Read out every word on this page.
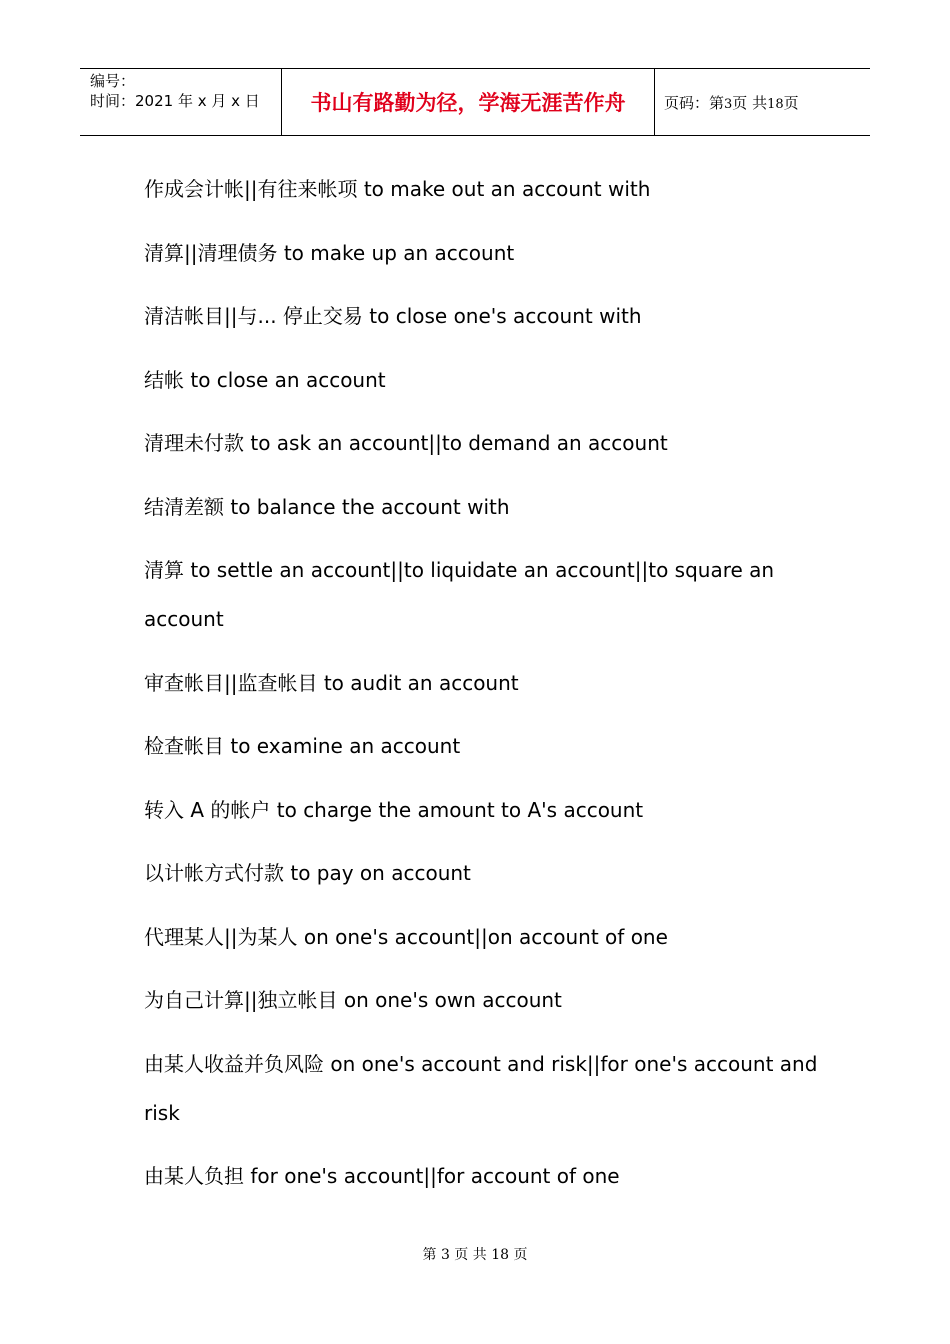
编号：
时间：2021 年 x 月 x 日	书山有路勤为径，学海无涯苦作舟	页码：第3页 共18页
作成会计帐||有往来帐项 to make out an account with
清算||清理债务 to make up an account
清洁帐目||与... 停止交易 to close one's account with
结帐 to close an account
清理未付款 to ask an account||to demand an account
结清差额 to balance the account with
清算 to settle an account||to liquidate an account||to square an account
审查帐目||监查帐目 to audit an account
检查帐目 to examine an account
转入 A 的帐户 to charge the amount to A's account
以计帐方式付款 to pay on account
代理某人||为某人 on one's account||on account of one
为自己计算||独立帐目 on one's own account
由某人收益并负风险 on one's account and risk||for one's account and risk
由某人负担 for one's account||for account of one
第 3 页 共 18 页
